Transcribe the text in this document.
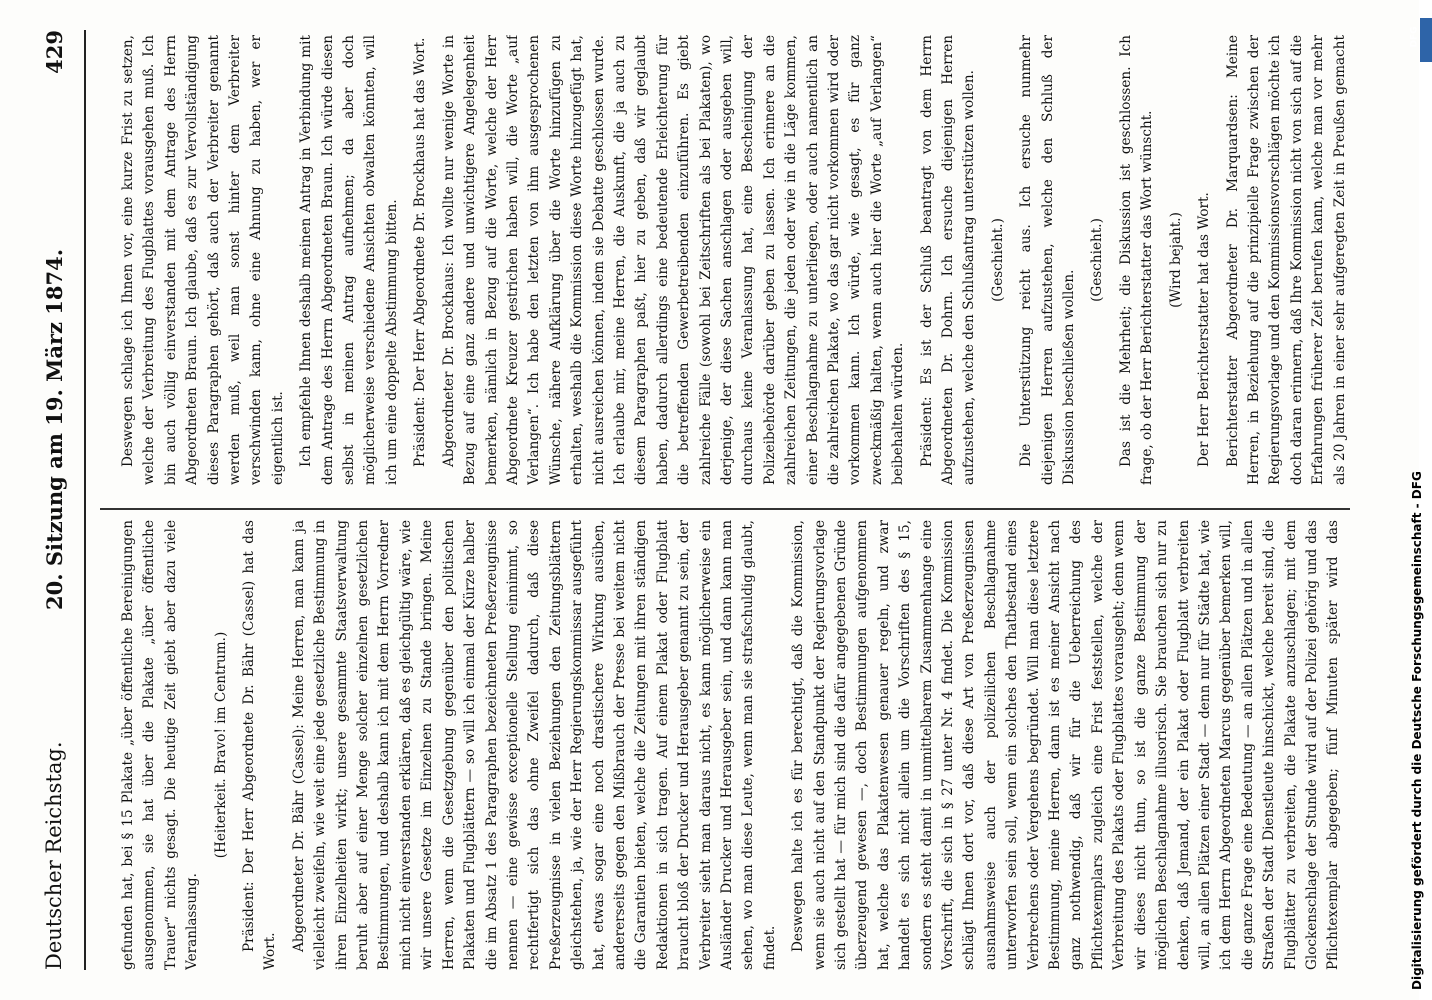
Deutscher Reichstag.
20. Sitzung am 19. März 1874.
429

gefunden hat, bei § 15 Plakate „über öffentliche Bereinigungen ausgenommen, sie hat über die Plakate „über öffentliche Trauer“ nichts gesagt. Die heutige Zeit giebt aber dazu viele Veranlassung.

(Heiterkeit. Bravo! im Centrum.) Präsident: Der Herr Abgeordnete Dr. Bähr (Cassel) hat das Wort. Abgeordneter Dr. Bähr (Cassel): Meine Herren, man kann ja vielleicht zweifeln, wie weit eine jede gesetzliche Bestimmung in ihren Einzelheiten wirkt; unsere gesammte Staatsverwaltung beruht aber auf einer Menge solcher einzelnen gesetzlichen Bestimmungen, und deshalb kann ich mit dem Herrn Vorredner mich nicht einverstanden erklären, daß es gleichgültig wäre, wie wir unsere Gesetze im Einzelnen zu Stande bringen. Meine Herren, wenn die Gesetzgebung gegenüber den politischen Plakaten und Flugblättern — so will ich einmal der Kürze halber die im Absatz 1 des Paragraphen bezeichneten Preßerzeugnisse nennen — eine gewisse exceptionelle Stellung einnimmt, so rechtfertigt sich das ohne Zweifel dadurch, daß diese Preßerzeugnisse in vielen Beziehungen den Zeitungsblättern gleichstehen, ja, wie der Herr Regierungskommissar ausgeführt hat, etwas sogar eine noch drastischere Wirkung ausüben, andererseits gegen den Mißbrauch der Presse bei weitem nicht die Garantien bieten, welche die Zeitungen mit ihren ständigen Redaktionen in sich tragen. Auf einem Plakat oder Flugblatt braucht bloß der Drucker und Herausgeber genannt zu sein, der Verbreiter sieht man daraus nicht, es kann möglicherweise ein Ausländer Drucker und Herausgeber sein, und dann kann man sehen, wo man diese Leute, wenn man sie strafschuldig glaubt, findet. Deswegen halte ich es für berechtigt, daß die Kommission, wenn sie auch nicht auf den Standpunkt der Regierungsvorlage sich gestellt hat — für mich sind die dafür angegebenen Gründe überzeugend gewesen —, doch Bestimmungen aufgenommen hat, welche das Plakatenwesen genauer regeln, und zwar handelt es sich nicht allein um die Vorschriften des § 15, sondern es steht damit in unmittelbarem Zusammenhange eine Vorschrift, die sich in § 27 unter Nr. 4 findet. Die Kommission schlägt Ihnen dort vor, daß diese Art von Preßerzeugnissen ausnahmsweise auch der polizeilichen Beschlagnahme unterworfen sein soll, wenn ein solches den Thatbestand eines Verbrechens oder Vergehens begründet. Will man diese letztere Bestimmung, meine Herren, dann ist es meiner Ansicht nach ganz nothwendig, daß wir für die Ueberreichung des Pflichtexemplars zugleich eine Frist feststellen, welche der Verbreitung des Plakats oder Flugblattes vorausgeht; denn wenn wir dieses nicht thun, so ist die ganze Bestimmung der möglichen Beschlagnahme illusorisch. Sie brauchen sich nur zu denken, daß Jemand, der ein Plakat oder Flugblatt verbreiten will, an allen Plätzen einer Stadt — denn nur für Städte hat, wie ich dem Herrn Abgeordneten Marcus gegenüber bemerken will, die ganze Frage eine Bedeutung — an allen Plätzen und in allen Straßen der Stadt Dienstleute hinschickt, welche bereit sind, die Flugblätter zu verbreiten, die Plakate anzuschlagen; mit dem Glockenschlage der Stunde wird auf der Polizei gehörig und das Pflichtexemplar abgegeben; fünf Minuten später wird das

Deswegen schlage ich Ihnen vor, eine kurze Frist zu setzen, welche der Verbreitung des Flugblattes vorausgehen muß. Ich bin auch völlig einverstanden mit dem Antrage des Herrn Abgeordneten Braun. Ich glaube, daß es zur Vervollständigung dieses Paragraphen gehört, daß auch der Verbreiter genannt werden muß, weil man sonst hinter dem Verbreiter verschwinden kann, ohne eine Ahnung zu haben, wer er eigentlich ist. Ich empfehle Ihnen deshalb meinen Antrag in Verbindung mit dem Antrage des Herrn Abgeordneten Braun. Ich würde diesen selbst in meinen Antrag aufnehmen; da aber doch möglicherweise verschiedene Ansichten obwalten könnten, will ich um eine doppelte Abstimmung bitten. Präsident: Der Herr Abgeordnete Dr. Brockhaus hat das Wort. Abgeordneter Dr. Brockhaus: Ich wollte nur wenige Worte in Bezug auf eine ganz andere und unwichtigere Angelegenheit bemerken, nämlich in Bezug auf die Worte, welche der Herr Abgeordnete Kreuzer gestrichen haben will, die Worte „auf Verlangen“. Ich habe den letzten von ihm ausgesprochenen Wünsche, nähere Aufklärung über die Worte hinzufügen zu erhalten, weshalb die Kommission diese Worte hinzugefügt hat, nicht ausreichen können, indem sie Debatte geschlossen wurde. Ich erlaube mir, meine Herren, die Auskunft, die ja auch zu diesem Paragraphen paßt, hier zu geben, daß wir geglaubt haben, dadurch allerdings eine bedeutende Erleichterung für die betreffenden Gewerbetreibenden einzuführen. Es giebt zahlreiche Fälle (sowohl bei Zeitschriften als bei Plakaten), wo derjenige, der diese Sachen anschlagen oder ausgeben will, durchaus keine Veranlassung hat, eine Bescheinigung der Polizeibehörde darüber geben zu lassen. Ich erinnere an die zahlreichen Zeitungen, die jeden oder wie in die Läge kommen, einer Beschlagnahme zu unterliegen, oder auch namentlich an die zahlreichen Plakate, wo das gar nicht vorkommen wird oder vorkommen kann. Ich würde, wie gesagt, es für ganz zweckmäßig halten, wenn auch hier die Worte „auf Verlangen“ beibehalten würden. Präsident: Es ist der Schluß beantragt von dem Herrn Abgeordneten Dr. Dohrn. Ich ersuche diejenigen Herren aufzustehen, welche den Schlußantrag unterstützen wollen. (Geschieht.) Die Unterstützung reicht aus. Ich ersuche nunmehr diejenigen Herren aufzustehen, welche den Schluß der Diskussion beschließen wollen.

(Geschieht.) Das ist die Mehrheit; die Diskussion ist geschlossen. Ich frage, ob der Herr Berichterstatter das Wort wünscht. (Wird bejaht.) Der Herr Berichterstatter hat das Wort. Berichterstatter Abgeordneter Dr. Marquardsen: Meine Herren, in Beziehung auf die prinzipielle Frage zwischen der Regierungsvorlage und den Kommissionsvorschlägen möchte ich doch daran erinnern, daß Ihre Kommission nicht von sich auf die Erfahrungen früherer Zeit berufen kann, welche man vor mehr als 20 Jahren in einer sehr aufgeregten Zeit in Preußen gemacht

Digitalisierung gefördert durch die Deutsche Forschungsgemeinschaft - DFG
DFG
